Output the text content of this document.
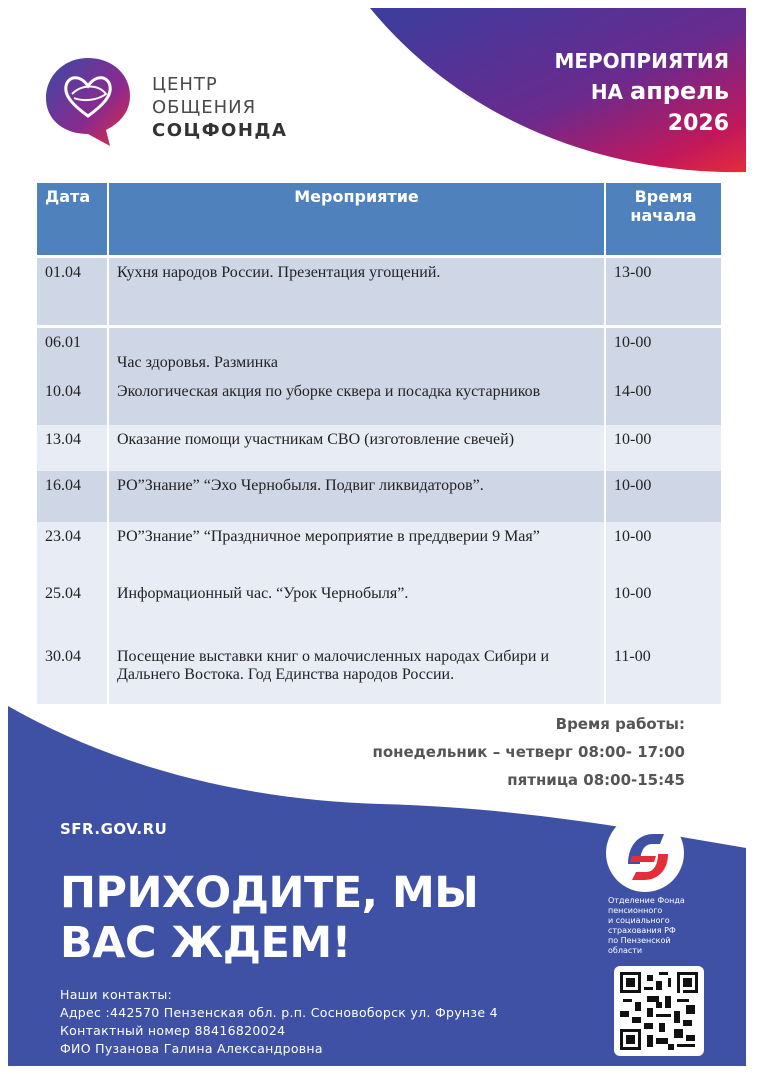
ЦЕНТР
ОБЩЕНИЯ
СОЦФОНДА
МЕРОПРИЯТИЯ
НА апрель
2026
Дата	Мероприятие	Время начала
01.04	Кухня народов России. Презентация угощений.	13-00
06.01	Час здоровья. Разминка	10-00
10.04	Экологическая акция по уборке сквера и посадка кустарников	14-00
13.04	Оказание помощи участникам СВО (изготовление свечей)	10-00
16.04	РО”Знание” “Эхо Чернобыля. Подвиг ликвидаторов”.	10-00
23.04	РО”Знание” “Праздничное мероприятие в преддверии 9 Мая”	10-00
25.04	Информационный час. “Урок Чернобыля”.	10-00
30.04	Посещение выставки книг о малочисленных народах Сибири и Дальнего Востока. Год Единства народов России.	11-00
Время работы:
понедельник – четверг 08:00- 17:00
пятница 08:00-15:45
SFR.GOV.RU
ПРИХОДИТЕ, МЫ
ВАС ЖДЕМ!
Наши контакты:
Адрес :442570 Пензенская обл. р.п. Сосновоборск ул. Фрунзе 4
Контактный номер 88416820024
ФИО Пузанова Галина Александровна
Отделение Фонда
пенсионного
и социального
страхования РФ
по Пензенской
области
